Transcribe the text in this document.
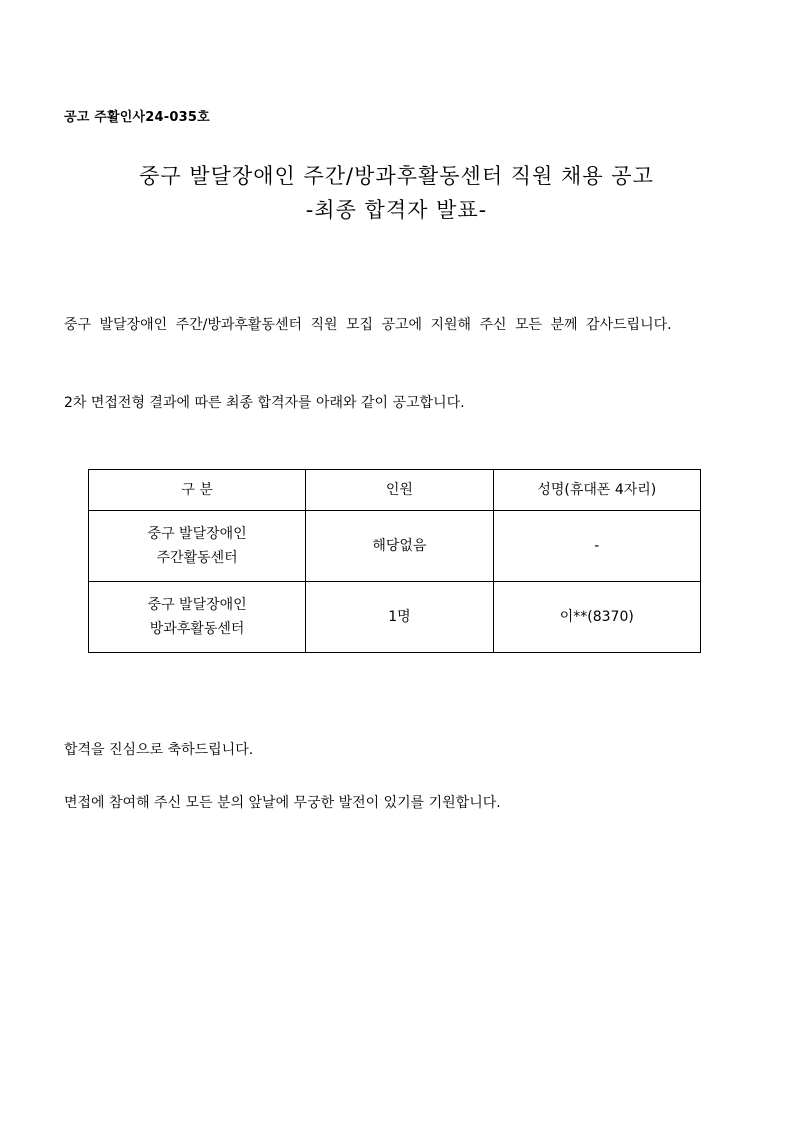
공고 주활인사24-035호
중구 발달장애인 주간/방과후활동센터 직원 채용 공고
-최종 합격자 발표-
중구 발달장애인 주간/방과후활동센터 직원 모집 공고에 지원해 주신 모든 분께 감사드립니다.
2차 면접전형 결과에 따른 최종 합격자를 아래와 같이 공고합니다.
구 분	인원	성명(휴대폰 4자리)

중구 발달장애인
주간활동센터	해당없음	-

중구 발달장애인
방과후활동센터	1명	이**(8370)
합격을 진심으로 축하드립니다.
면접에 참여해 주신 모든 분의 앞날에 무궁한 발전이 있기를 기원합니다.
